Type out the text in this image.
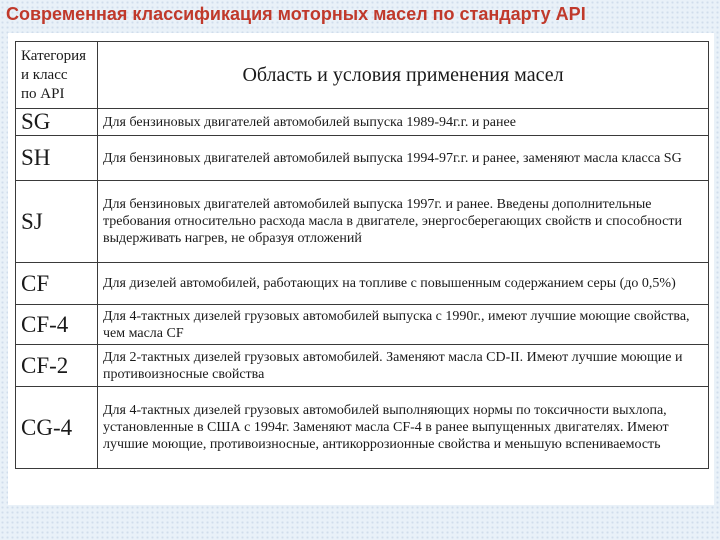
Современная классификация моторных масел по стандарту API
Категория
и класс
по API	Область и условия применения масел
SG	Для бензиновых двигателей автомобилей выпуска 1989-94г.г. и ранее
SH	Для бензиновых двигателей автомобилей выпуска 1994-97г.г. и ранее, заменяют масла класса SG
SJ	Для бензиновых двигателей автомобилей выпуска 1997г. и ранее. Введены дополнительные требования относительно расхода масла в двигателе, энергосберегающих свойств и способности выдерживать нагрев, не образуя отложений
CF	Для дизелей автомобилей, работающих на топливе с повышенным содержанием серы (до 0,5%)
CF-4	Для 4-тактных дизелей грузовых автомобилей выпуска с 1990г., имеют лучшие моющие свойства, чем масла CF
CF-2	Для 2-тактных дизелей грузовых автомобилей. Заменяют масла CD-II. Имеют лучшие моющие и противоизносные свойства
CG-4	Для 4-тактных дизелей грузовых автомобилей выполняющих нормы по токсичности выхлопа, установленные в США с 1994г. Заменяют масла CF-4 в ранее выпущенных двигателях. Имеют лучшие моющие, противоизносные, антикоррозионные свойства и меньшую вспениваемость
